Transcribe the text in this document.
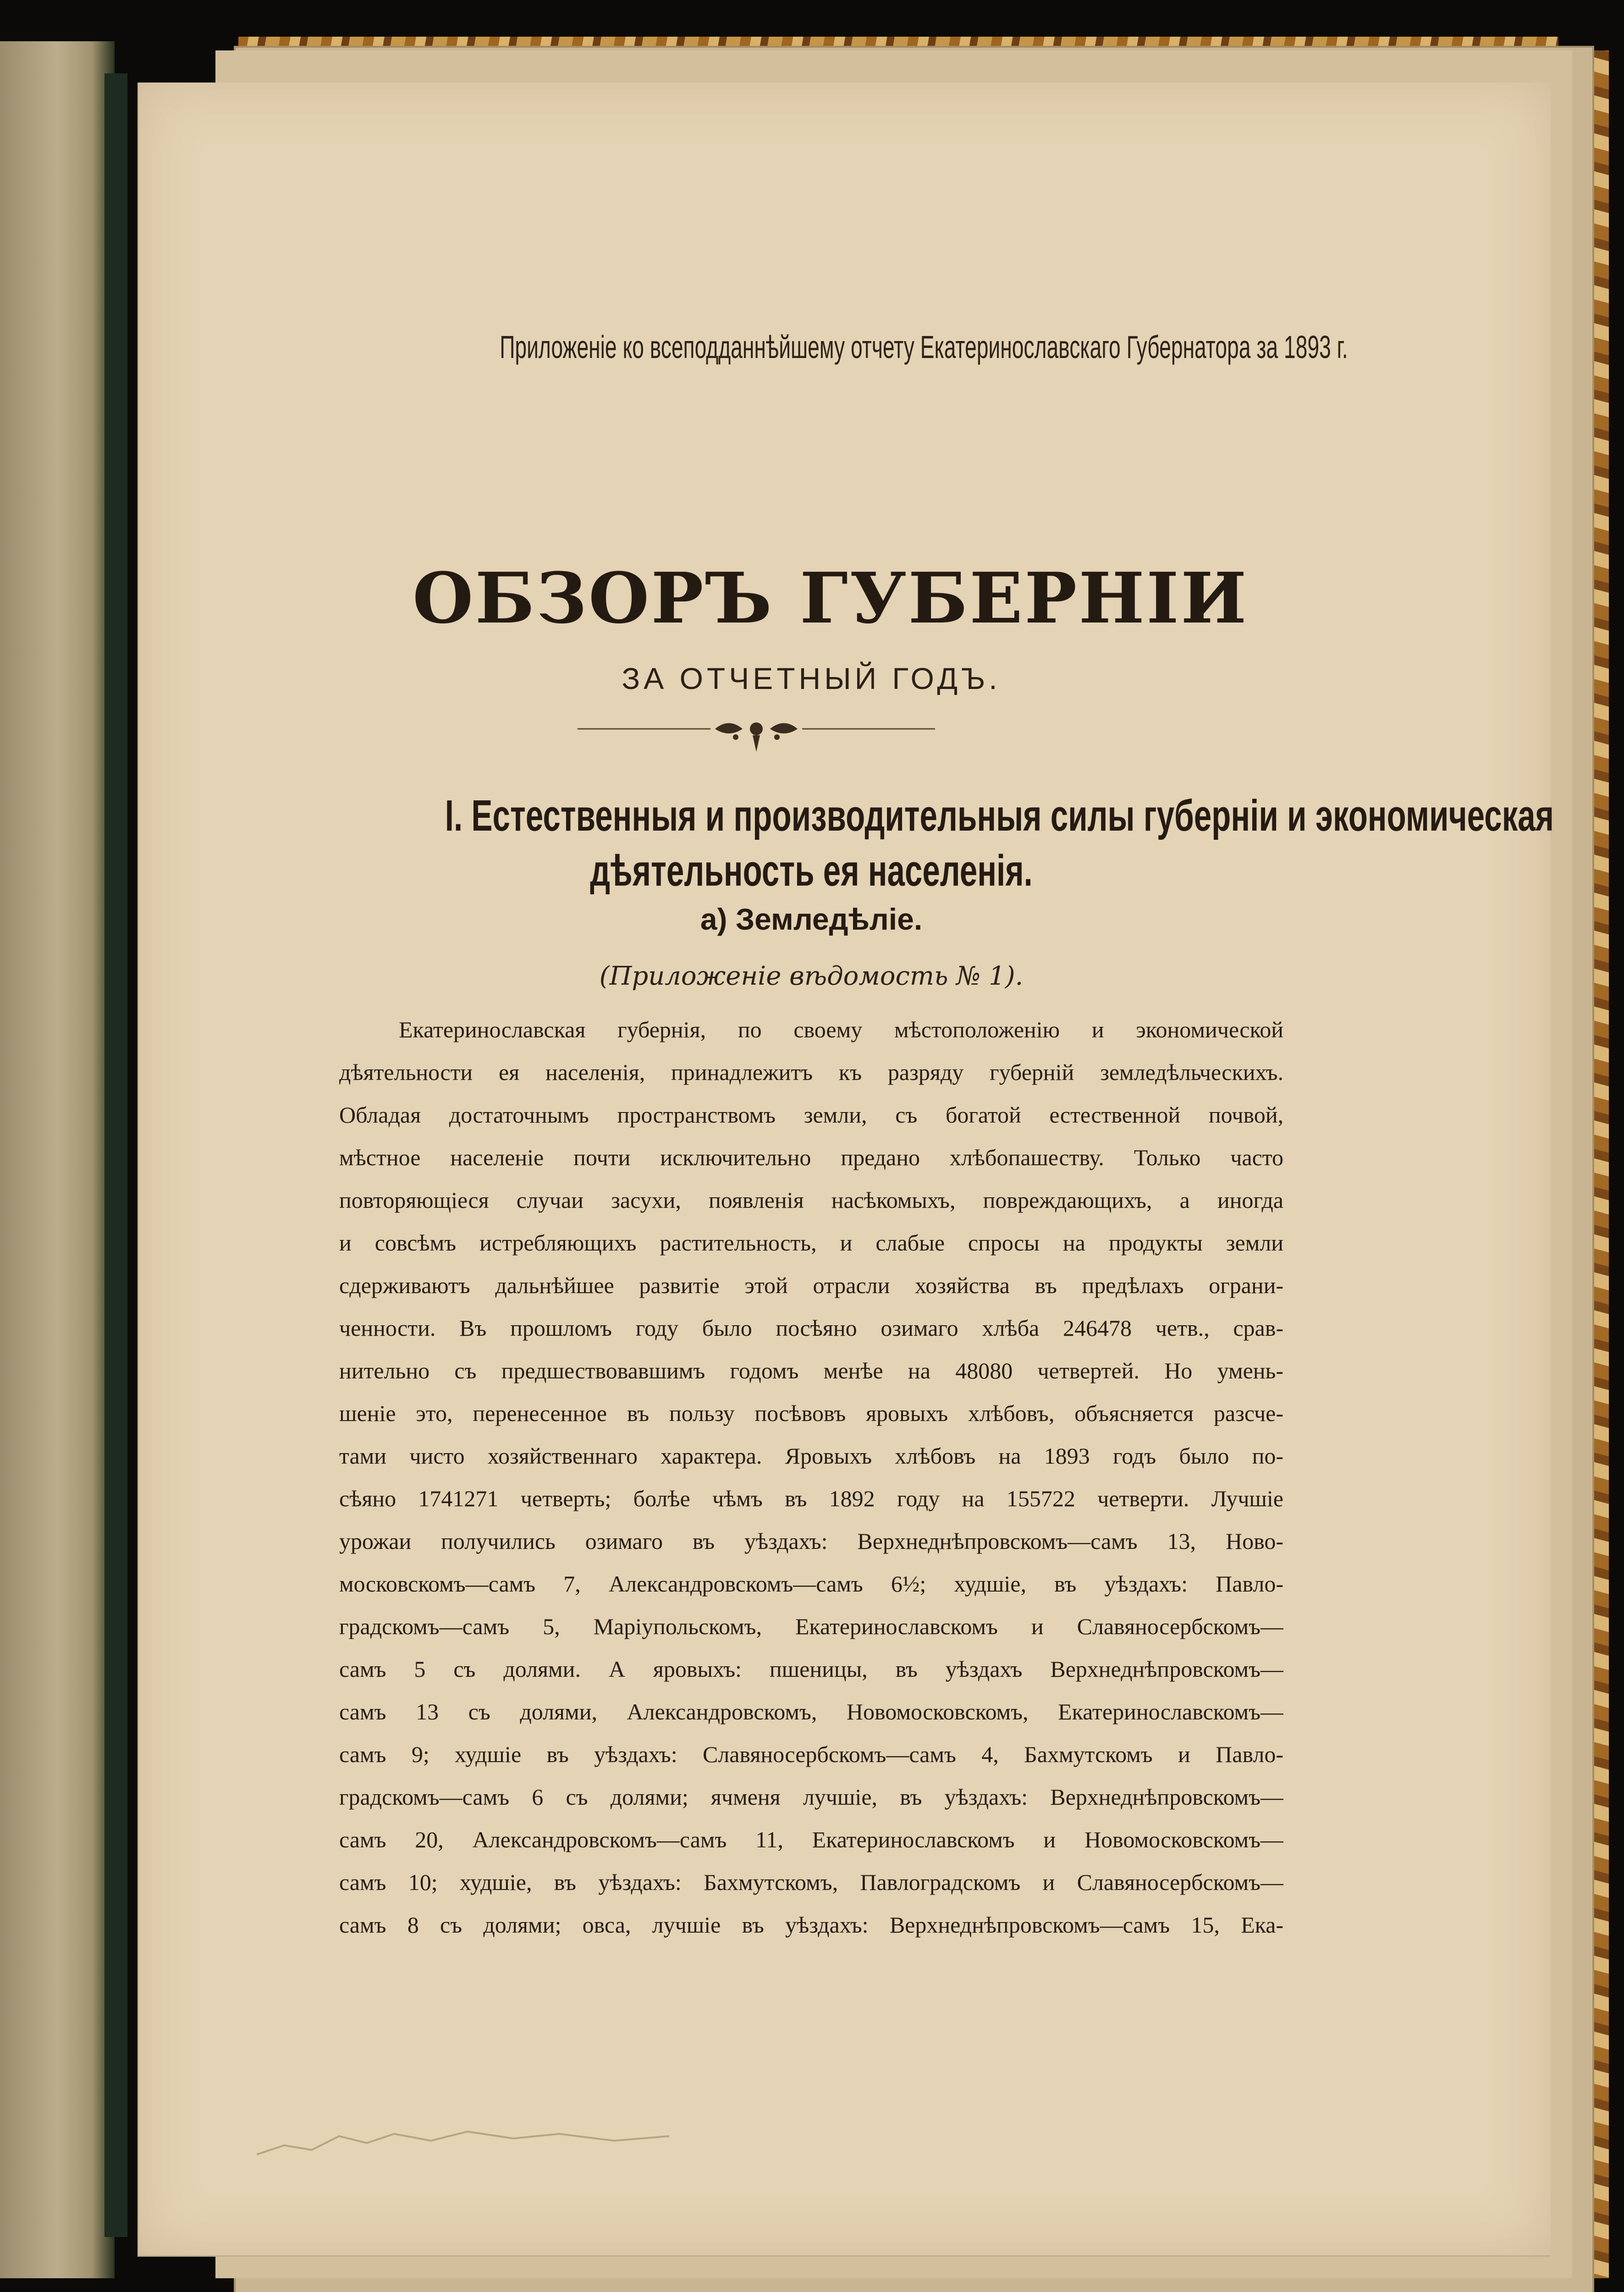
Приложенiе ко всеподданнѣйшему отчету Екатеринославскаго Губернатора за 1893 г.

ОБЗОРЪ ГУБЕРНIИ

ЗА ОТЧЕТНЫЙ ГОДЪ.

I. Естественныя и производительныя силы губернiи и экономическая
дѣятельность ея населенiя.
а) Земледѣлiе.

(Приложенiе вѣдомость № 1).

Екатеринославская губернiя, по своему мѣстоположенiю и экономической
дѣятельности ея населенiя, принадлежитъ къ разряду губернiй земледѣльческихъ.
Обладая достаточнымъ пространствомъ земли, съ богатой естественной почвой,
мѣстное населенiе почти исключительно предано хлѣбопашеству. Только часто
повторяющiеся случаи засухи, появленiя насѣкомыхъ, повреждающихъ, а иногда
и совсѣмъ истребляющихъ растительность, и слабые спросы на продукты земли
сдерживаютъ дальнѣйшее развитiе этой отрасли хозяйства въ предѣлахъ ограни-
ченности. Въ прошломъ году было посѣяно озимаго хлѣба 246478 четв., срав-
нительно съ предшествовавшимъ годомъ менѣе на 48080 четвертей. Но умень-
шенiе это, перенесенное въ пользу посѣвовъ яровыхъ хлѣбовъ, объясняется разсче-
тами чисто хозяйственнаго характера. Яровыхъ хлѣбовъ на 1893 годъ было по-
сѣяно 1741271 четверть; болѣе чѣмъ въ 1892 году на 155722 четверти. Лучшiе
урожаи получились озимаго въ уѣздахъ: Верхнеднѣпровскомъ—самъ 13, Ново-
московскомъ—самъ 7, Александровскомъ—самъ 6½; худшiе, въ уѣздахъ: Павло-
градскомъ—самъ 5, Марiупольскомъ, Екатеринославскомъ и Славяносербскомъ—
самъ 5 съ долями. А яровыхъ: пшеницы, въ уѣздахъ Верхнеднѣпровскомъ—
самъ 13 съ долями, Александровскомъ, Новомосковскомъ, Екатеринославскомъ—
самъ 9; худшiе въ уѣздахъ: Славяносербскомъ—самъ 4, Бахмутскомъ и Павло-
градскомъ—самъ 6 съ долями; ячменя лучшiе, въ уѣздахъ: Верхнеднѣпровскомъ—
самъ 20, Александровскомъ—самъ 11, Екатеринославскомъ и Новомосковскомъ—
самъ 10; худшiе, въ уѣздахъ: Бахмутскомъ, Павлоградскомъ и Славяносербскомъ—
самъ 8 съ долями; овса, лучшiе въ уѣздахъ: Верхнеднѣпровскомъ—самъ 15, Ека-
